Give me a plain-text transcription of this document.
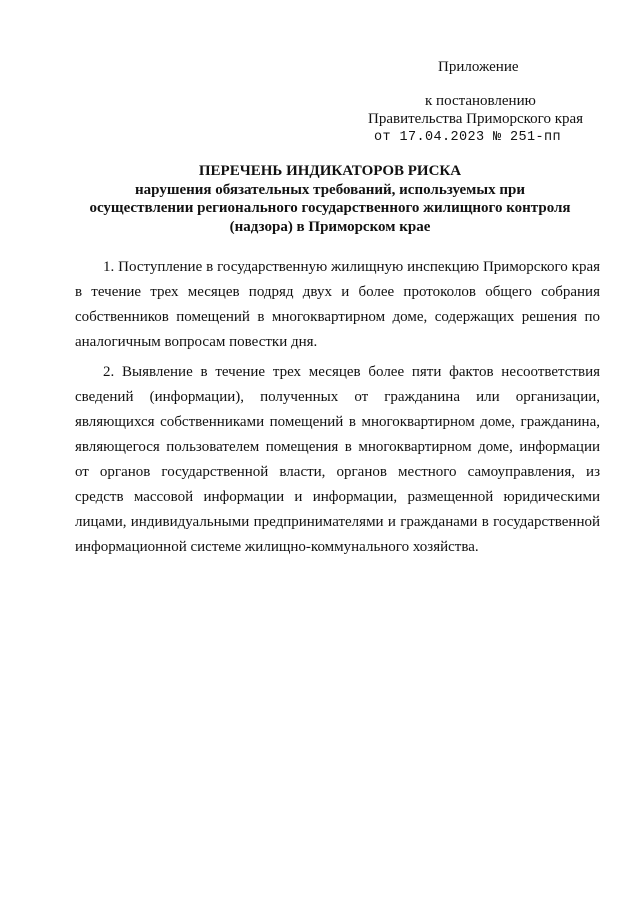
Приложение
к постановлению
Правительства Приморского края
от 17.04.2023 № 251-пп
ПЕРЕЧЕНЬ ИНДИКАТОРОВ РИСКА
нарушения обязательных требований, используемых при осуществлении регионального государственного жилищного контроля (надзора) в Приморском крае

1. Поступление в государственную жилищную инспекцию Приморского края в течение трех месяцев подряд двух и более протоколов общего собрания собственников помещений в многоквартирном доме, содержащих решения по аналогичным вопросам повестки дня.

2. Выявление в течение трех месяцев более пяти фактов несоответствия сведений (информации), полученных от гражданина или организации, являющихся собственниками помещений в многоквартирном доме, гражданина, являющегося пользователем помещения в многоквартирном доме, информации от органов государственной власти, органов местного самоуправления, из средств массовой информации и информации, размещенной юридическими лицами, индивидуальными предпринимателями и гражданами в государственной информационной системе жилищно-коммунального хозяйства.
